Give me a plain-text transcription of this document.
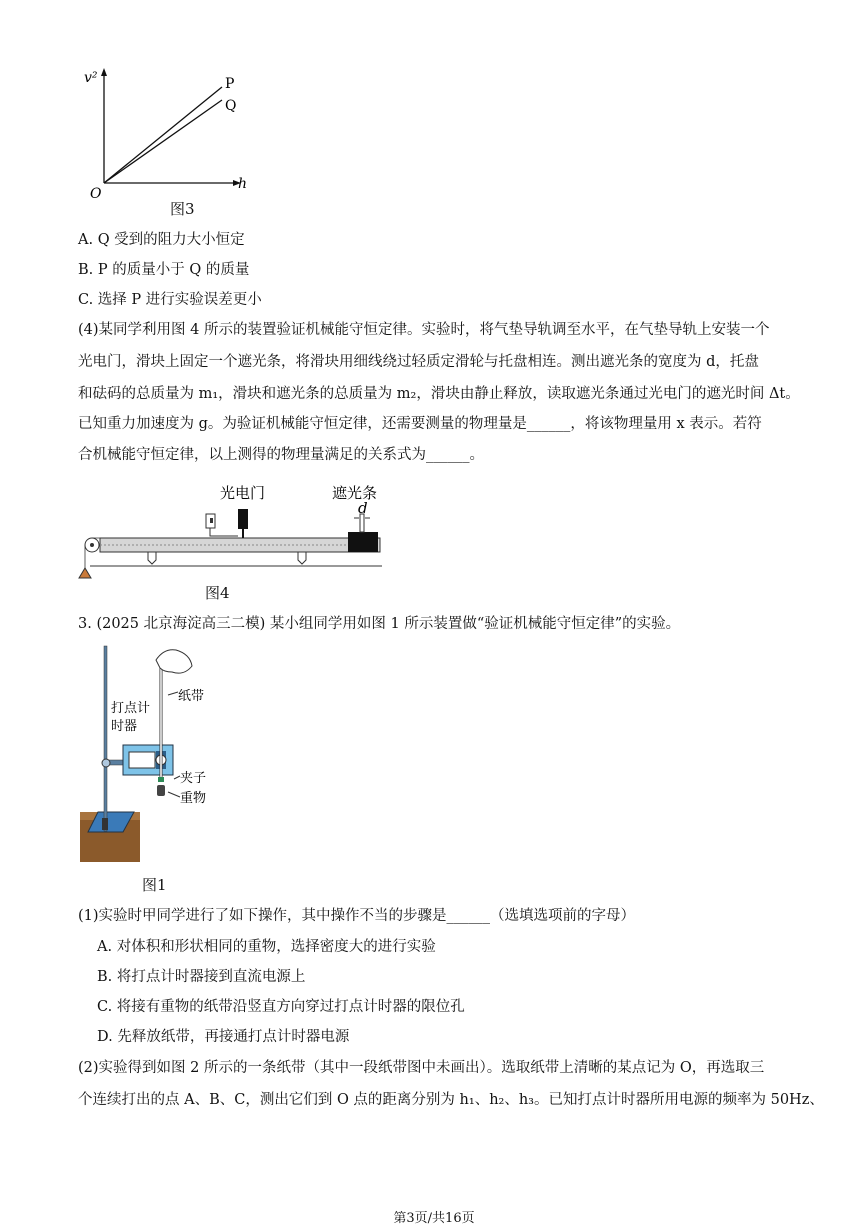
v²
h
O
P
Q
图3
A. Q 受到的阻力大小恒定
B. P 的质量小于 Q 的质量
C. 选择 P 进行实验误差更小
(4)某同学利用图 4 所示的装置验证机械能守恒定律。实验时，将气垫导轨调至水平，在气垫导轨上安装一个
光电门，滑块上固定一个遮光条，将滑块用细线绕过轻质定滑轮与托盘相连。测出遮光条的宽度为 d，托盘
和砝码的总质量为 m₁，滑块和遮光条的总质量为 m₂，滑块由静止释放，读取遮光条通过光电门的遮光时间 Δt。
已知重力加速度为 g。为验证机械能守恒定律，还需要测量的物理量是______，将该物理量用 x 表示。若符
合机械能守恒定律，以上测得的物理量满足的关系式为______。
光电门	遮光条
d
图4
3. (2025 北京海淀高三二模) 某小组同学用如图 1 所示装置做“验证机械能守恒定律”的实验。
纸带
打点计
时器
夹子
重物
图1
(1)实验时甲同学进行了如下操作，其中操作不当的步骤是______（选填选项前的字母）
A. 对体积和形状相同的重物，选择密度大的进行实验
B. 将打点计时器接到直流电源上
C. 将接有重物的纸带沿竖直方向穿过打点计时器的限位孔
D. 先释放纸带，再接通打点计时器电源
(2)实验得到如图 2 所示的一条纸带（其中一段纸带图中未画出）。选取纸带上清晰的某点记为 O，再选取三
个连续打出的点 A、B、C，测出它们到 O 点的距离分别为 h₁、h₂、h₃。已知打点计时器所用电源的频率为 50Hz、
第3页/共16页
